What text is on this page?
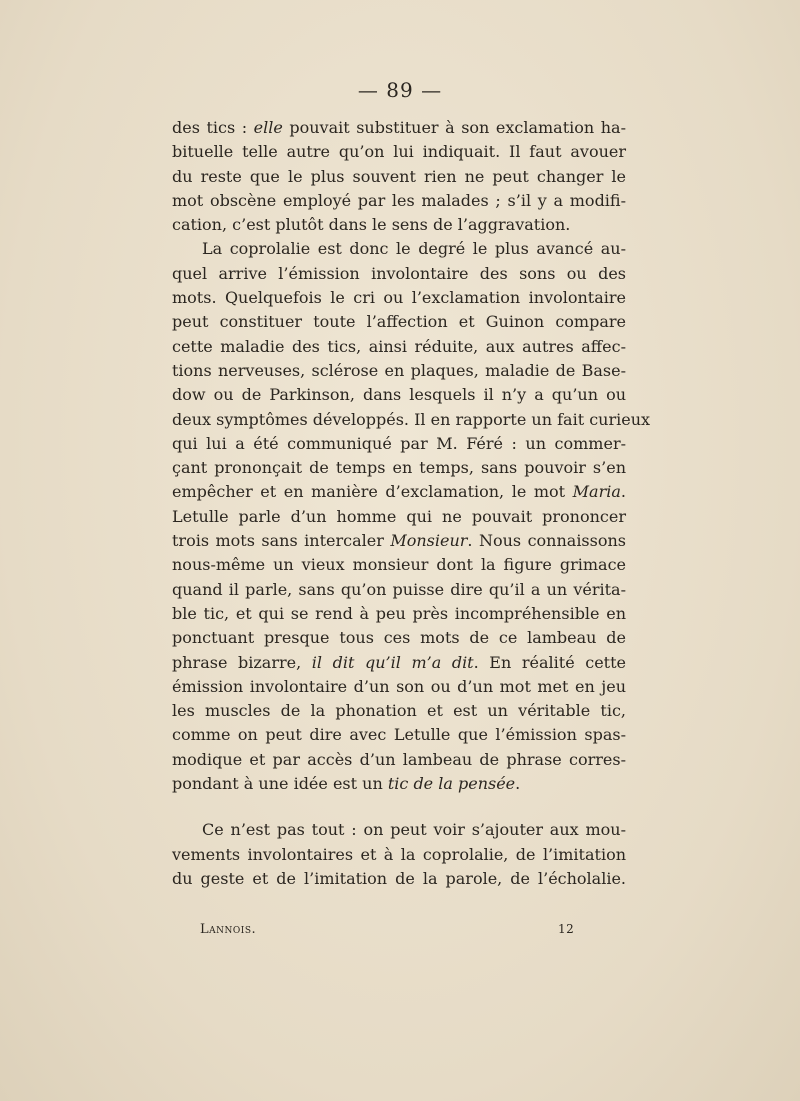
— 89 —
des tics : elle pouvait substituer à son exclamation ha-
bituelle telle autre qu’on lui indiquait. Il faut avouer
du reste que le plus souvent rien ne peut changer le
mot obscène employé par les malades ; s’il y a modifi-
cation, c’est plutôt dans le sens de l’aggravation.
La coprolalie est donc le degré le plus avancé au-
quel arrive l’émission involontaire des sons ou des
mots. Quelquefois le cri ou l’exclamation involontaire
peut constituer toute l’affection et Guinon compare
cette maladie des tics, ainsi réduite, aux autres affec-
tions nerveuses, sclérose en plaques, maladie de Base-
dow ou de Parkinson, dans lesquels il n’y a qu’un ou
deux symptômes développés. Il en rapporte un fait curieux
qui lui a été communiqué par M. Féré : un commer-
çant prononçait de temps en temps, sans pouvoir s’en
empêcher et en manière d’exclamation, le mot Maria.
Letulle parle d’un homme qui ne pouvait prononcer
trois mots sans intercaler Monsieur. Nous connaissons
nous-même un vieux monsieur dont la figure grimace
quand il parle, sans qu’on puisse dire qu’il a un vérita-
ble tic, et qui se rend à peu près incompréhensible en
ponctuant presque tous ces mots de ce lambeau de
phrase bizarre, il dit qu’il m’a dit. En réalité cette
émission involontaire d’un son ou d’un mot met en jeu
les muscles de la phonation et est un véritable tic,
comme on peut dire avec Letulle que l’émission spas-
modique et par accès d’un lambeau de phrase corres-
pondant à une idée est un tic de la pensée.
Ce n’est pas tout : on peut voir s’ajouter aux mou-
vements involontaires et à la coprolalie, de l’imitation
du geste et de l’imitation de la parole, de l’écholalie.
Lannois.	12
